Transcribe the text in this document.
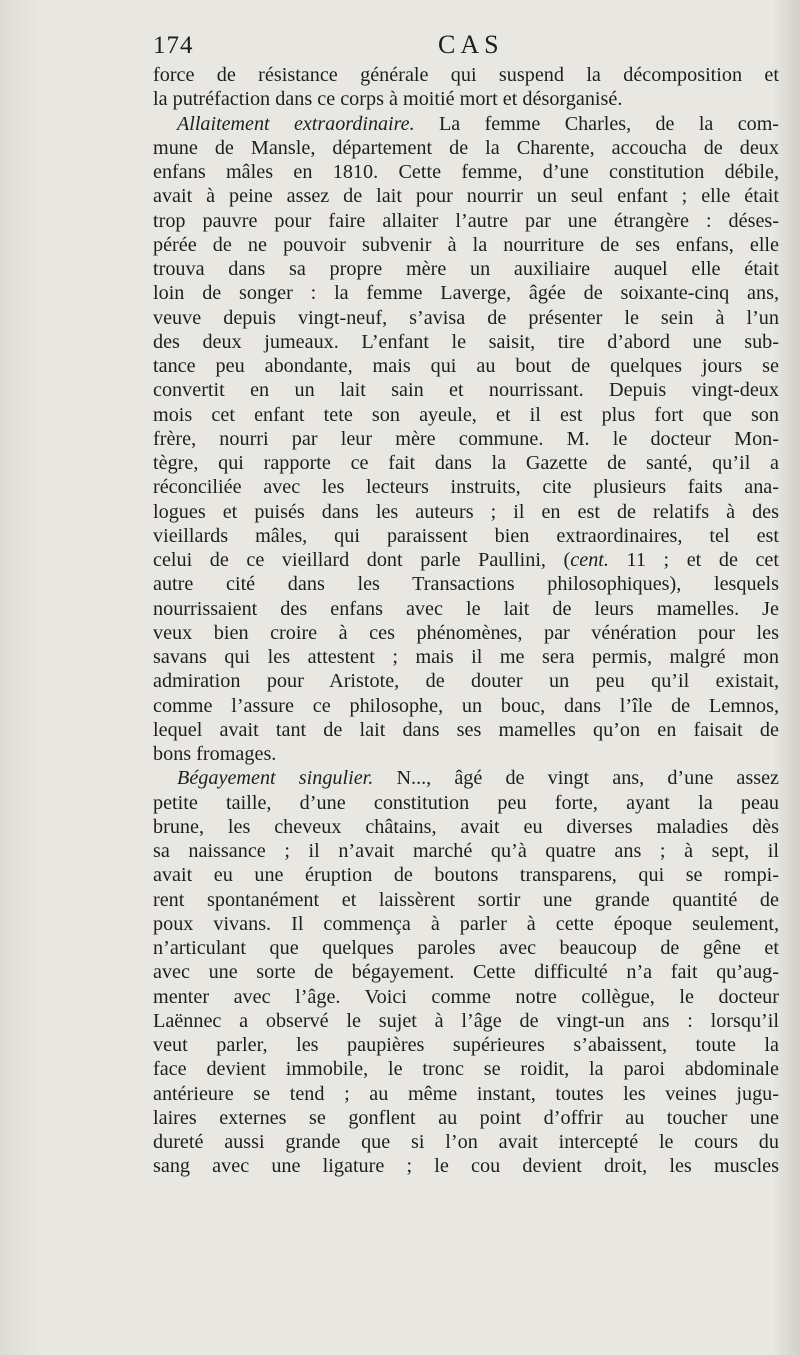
174	CAS
force de résistance générale qui suspend la décomposition et
la putréfaction dans ce corps à moitié mort et désorganisé.
Allaitement extraordinaire. La femme Charles, de la com-
mune de Mansle, département de la Charente, accoucha de deux
enfans mâles en 1810. Cette femme, d’une constitution débile,
avait à peine assez de lait pour nourrir un seul enfant ; elle était
trop pauvre pour faire allaiter l’autre par une étrangère : déses-
pérée de ne pouvoir subvenir à la nourriture de ses enfans, elle
trouva dans sa propre mère un auxiliaire auquel elle était
loin de songer : la femme Laverge, âgée de soixante-cinq ans,
veuve depuis vingt-neuf, s’avisa de présenter le sein à l’un
des deux jumeaux. L’enfant le saisit, tire d’abord une sub-
tance peu abondante, mais qui au bout de quelques jours se
convertit en un lait sain et nourrissant. Depuis vingt-deux
mois cet enfant tete son ayeule, et il est plus fort que son
frère, nourri par leur mère commune. M. le docteur Mon-
tègre, qui rapporte ce fait dans la Gazette de santé, qu’il a
réconciliée avec les lecteurs instruits, cite plusieurs faits ana-
logues et puisés dans les auteurs ; il en est de relatifs à des
vieillards mâles, qui paraissent bien extraordinaires, tel est
celui de ce vieillard dont parle Paullini, (cent. 11 ; et de cet
autre cité dans les Transactions philosophiques), lesquels
nourrissaient des enfans avec le lait de leurs mamelles. Je
veux bien croire à ces phénomènes, par vénération pour les
savans qui les attestent ; mais il me sera permis, malgré mon
admiration pour Aristote, de douter un peu qu’il existait,
comme l’assure ce philosophe, un bouc, dans l’île de Lemnos,
lequel avait tant de lait dans ses mamelles qu’on en faisait de
bons fromages.
Bégayement singulier. N..., âgé de vingt ans, d’une assez
petite taille, d’une constitution peu forte, ayant la peau
brune, les cheveux châtains, avait eu diverses maladies dès
sa naissance ; il n’avait marché qu’à quatre ans ; à sept, il
avait eu une éruption de boutons transparens, qui se rompi-
rent spontanément et laissèrent sortir une grande quantité de
poux vivans. Il commença à parler à cette époque seulement,
n’articulant que quelques paroles avec beaucoup de gêne et
avec une sorte de bégayement. Cette difficulté n’a fait qu’aug-
menter avec l’âge. Voici comme notre collègue, le docteur
Laënnec a observé le sujet à l’âge de vingt-un ans : lorsqu’il
veut parler, les paupières supérieures s’abaissent, toute la
face devient immobile, le tronc se roidit, la paroi abdominale
antérieure se tend ; au même instant, toutes les veines jugu-
laires externes se gonflent au point d’offrir au toucher une
dureté aussi grande que si l’on avait intercepté le cours du
sang avec une ligature ; le cou devient droit, les muscles
